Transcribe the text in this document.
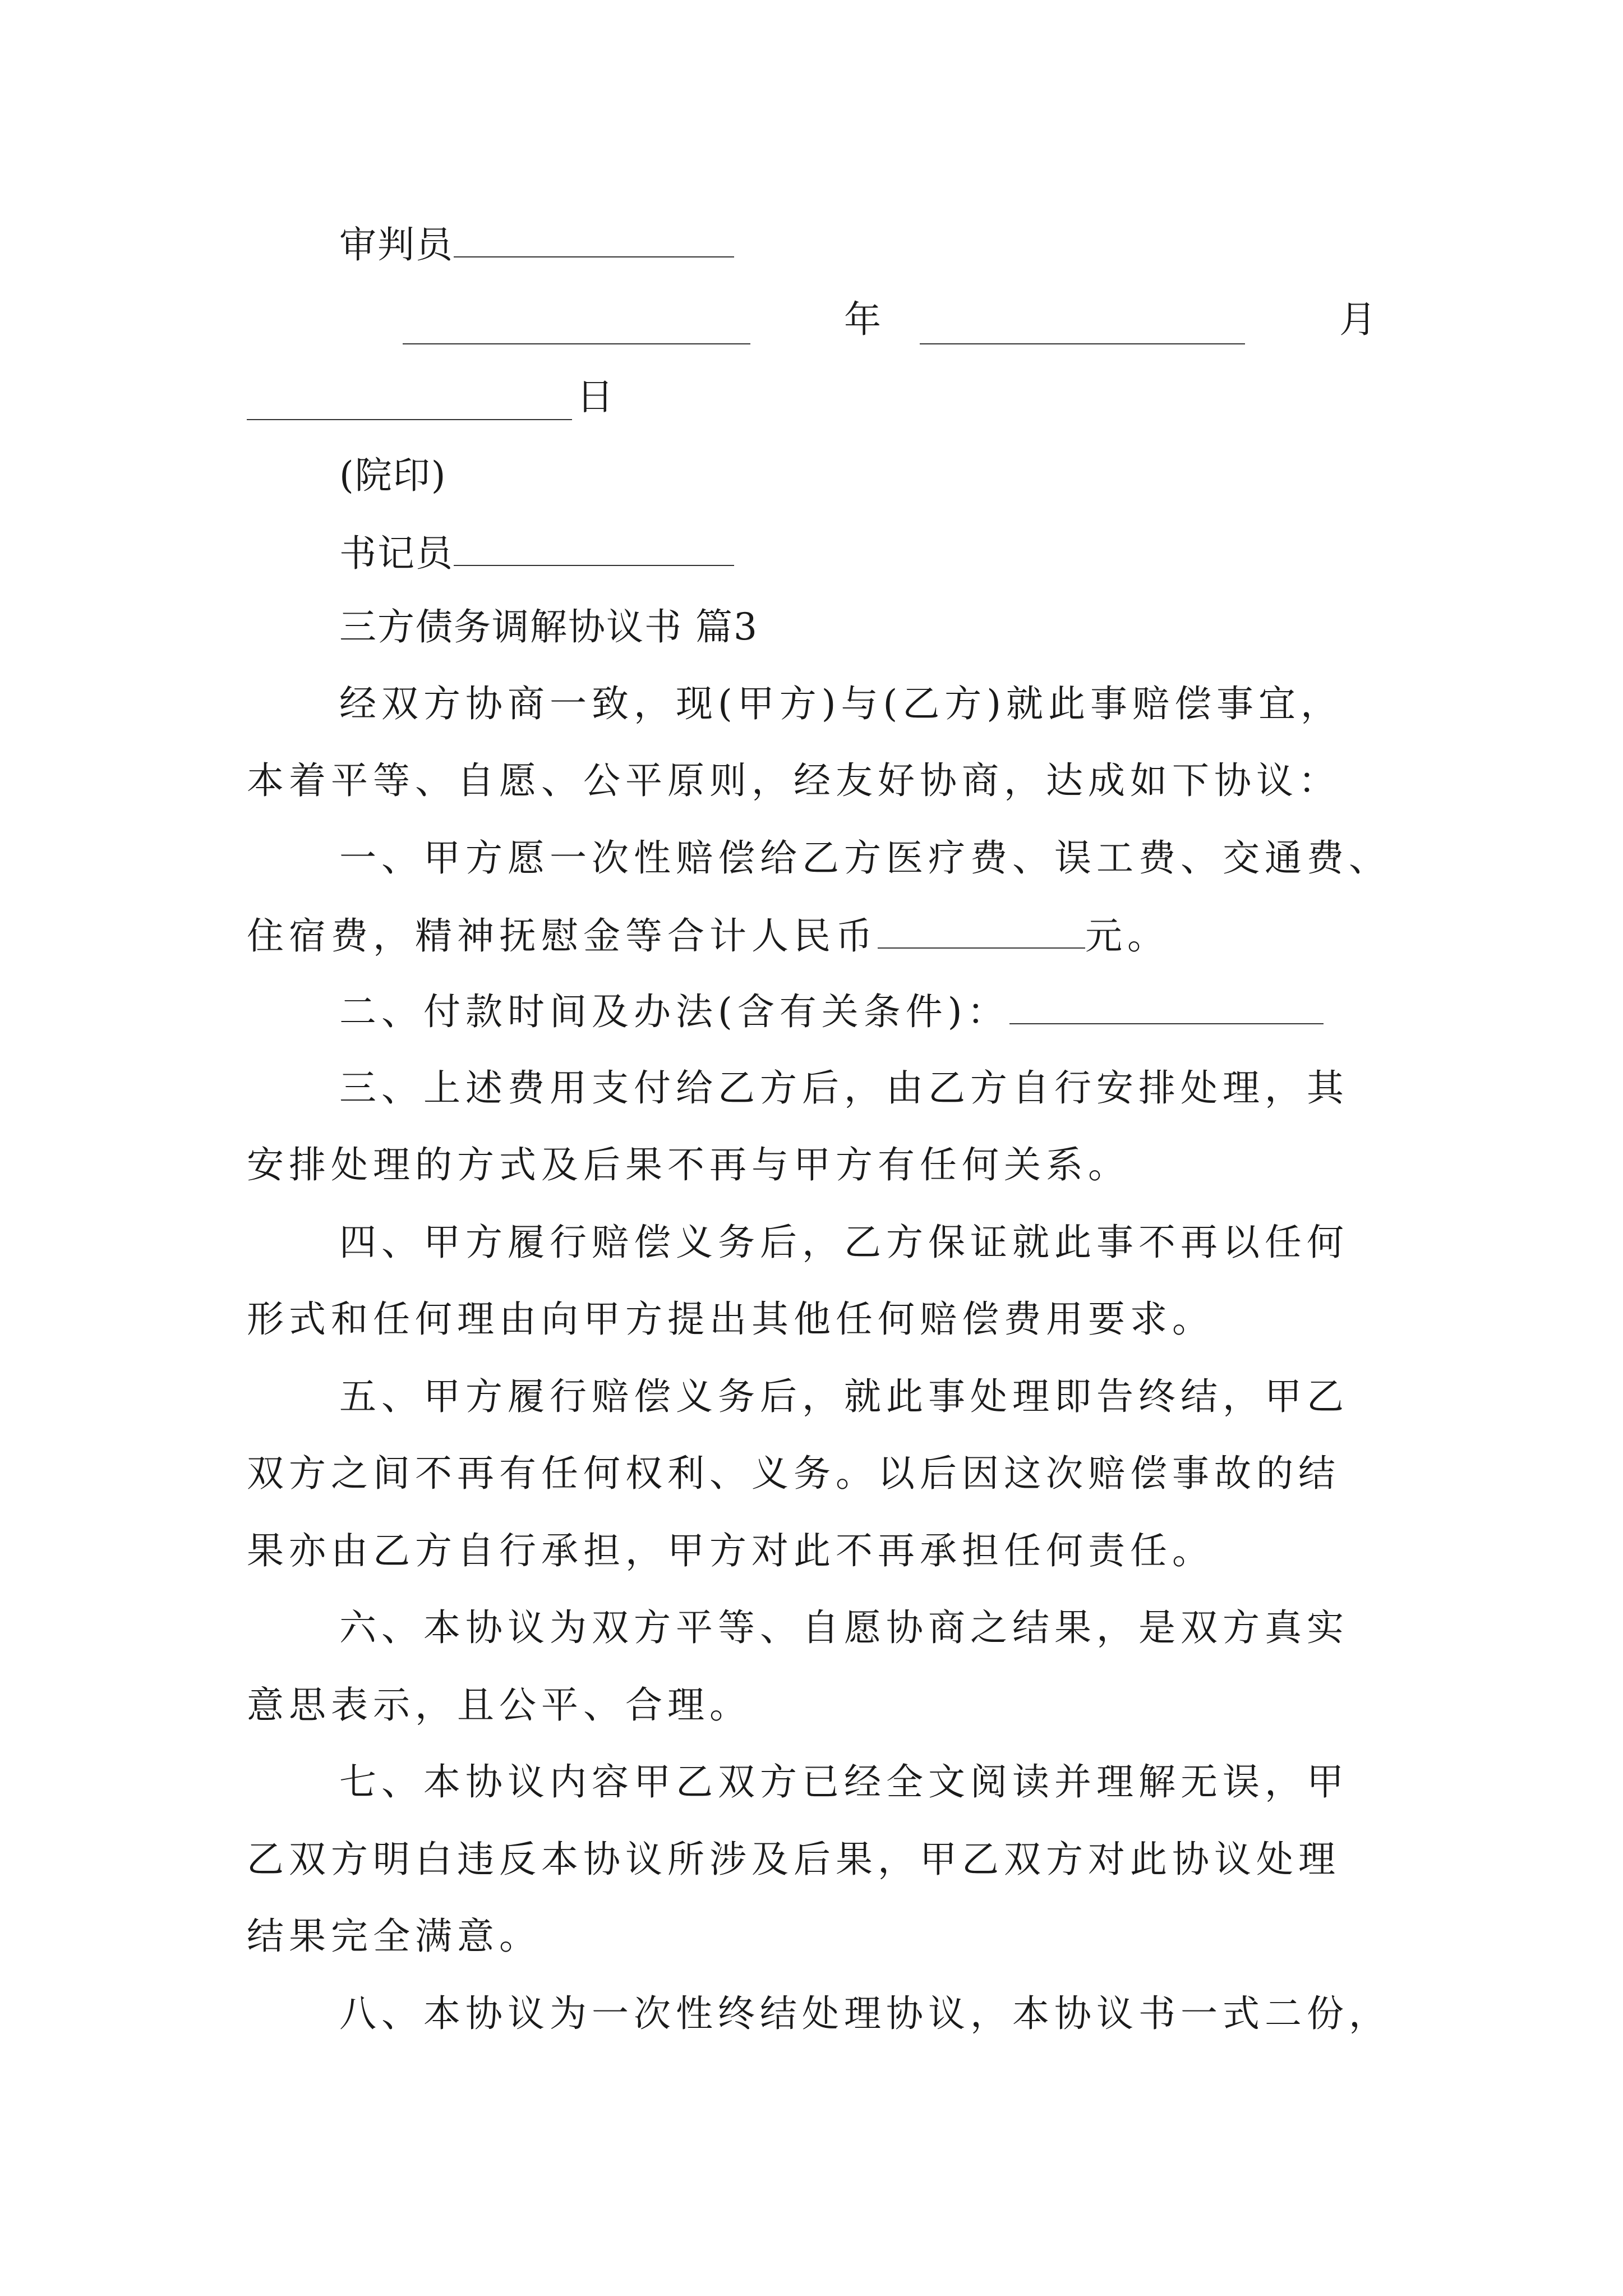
审判员
年	月
日
(院印)
书记员
三方债务调解协议书 篇3
经双方协商一致，现(甲方)与(乙方)就此事赔偿事宜，
本着平等、自愿、公平原则，经友好协商，达成如下协议：
一、甲方愿一次性赔偿给乙方医疗费、误工费、交通费、
住宿费，精神抚慰金等合计人民币	元。
二、付款时间及办法(含有关条件)：
三、上述费用支付给乙方后，由乙方自行安排处理，其
安排处理的方式及后果不再与甲方有任何关系。
四、甲方履行赔偿义务后，乙方保证就此事不再以任何
形式和任何理由向甲方提出其他任何赔偿费用要求。
五、甲方履行赔偿义务后，就此事处理即告终结，甲乙
双方之间不再有任何权利、义务。以后因这次赔偿事故的结
果亦由乙方自行承担，甲方对此不再承担任何责任。
六、本协议为双方平等、自愿协商之结果，是双方真实
意思表示，且公平、合理。
七、本协议内容甲乙双方已经全文阅读并理解无误，甲
乙双方明白违反本协议所涉及后果，甲乙双方对此协议处理
结果完全满意。
八、本协议为一次性终结处理协议，本协议书一式二份，
